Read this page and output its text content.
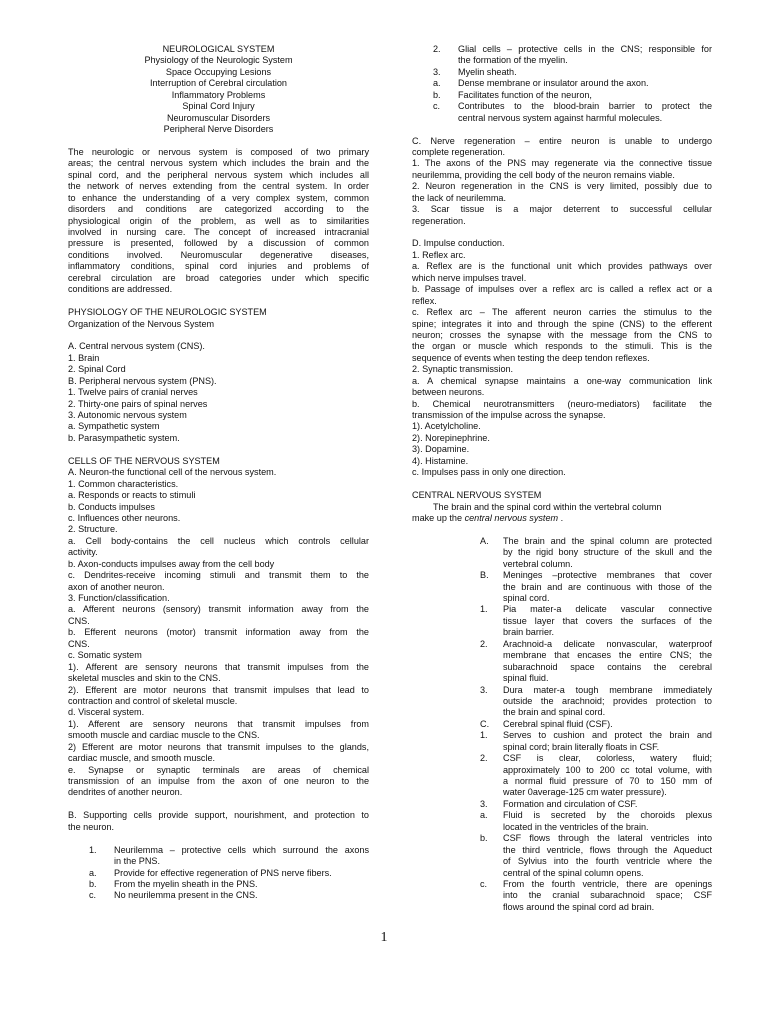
NEUROLOGICAL SYSTEM
Physiology of the Neurologic System
Space Occupying Lesions
Interruption of Cerebral circulation
Inflammatory Problems
Spinal Cord Injury
Neuromuscular Disorders
Peripheral Nerve Disorders
The neurologic or nervous system is composed of two primary
areas; the central nervous system which includes the brain and the
spinal cord, and the peripheral nervous system which includes all
the network of nerves extending from the central system. In order
to enhance the understanding of a very complex system, common
disorders and conditions are categorized according to the
physiological origin of the problem, as well as to similarities
involved in nursing care. The concept of increased intracranial
pressure is presented, followed by a discussion of common
conditions involved. Neuromuscular degenerative diseases,
inflammatory conditions, spinal cord injuries and problems of
cerebral circulation are broad categories under which specific
conditions are addressed.
PHYSIOLOGY OF THE NEUROLOGIC SYSTEM
Organization of the Nervous System
A. Central nervous system (CNS).
1. Brain
2. Spinal Cord
B. Peripheral nervous system (PNS).
1. Twelve pairs of cranial nerves
2. Thirty-one pairs of spinal nerves
3. Autonomic nervous system
a. Sympathetic system
b. Parasympathetic system.
CELLS OF THE NERVOUS SYSTEM
A. Neuron-the functional cell of the nervous system.
1. Common characteristics.
a. Responds or reacts to stimuli
b. Conducts impulses
c. Influences other neurons.
2. Structure.
a. Cell body-contains the cell nucleus which controls cellular
activity.
b. Axon-conducts impulses away from the cell body
c. Dendrites-receive incoming stimuli and transmit them to the
axon of another neuron.
3. Function/classification.
a. Afferent neurons (sensory) transmit information away from the
CNS.
b. Efferent neurons (motor) transmit information away from the
CNS.
c. Somatic system
1). Afferent are sensory neurons that transmit impulses from the
skeletal muscles and skin to the CNS.
2). Efferent are motor neurons that transmit impulses that lead to
contraction and control of skeletal muscle.
d. Visceral system.
1). Afferent are sensory neurons that transmit impulses from
smooth muscle and cardiac muscle to the CNS.
2) Efferent are motor neurons that transmit impulses to the glands,
cardiac muscle, and smooth muscle.
e. Synapse or synaptic terminals are areas of chemical
transmission of an impulse from the axon of one neuron to the
dendrites of another neuron.
B. Supporting cells provide support, nourishment, and protection to
the neuron.
1. Neurilemma – protective cells which surround the axons
in the PNS.
a. Provide for effective regeneration of PNS nerve fibers.
b. From the myelin sheath in the PNS.
c. No neurilemma present in the CNS.
2. Glial cells – protective cells in the CNS; responsible for
the formation of the myelin.
3. Myelin sheath.
a. Dense membrane or insulator around the axon.
b. Facilitates function of the neuron,
c. Contributes to the blood-brain barrier to protect the
central nervous system against harmful molecules.
C. Nerve regeneration – entire neuron is unable to undergo
complete regeneration.
1. The axons of the PNS may regenerate via the connective tissue
neurilemma, providing the cell body of the neuron remains viable.
2. Neuron regeneration in the CNS is very limited, possibly due to
the lack of neurilemma.
3. Scar tissue is a major deterrent to successful cellular
regeneration.
D. Impulse conduction.
1. Reflex arc.
a. Reflex are is the functional unit which provides pathways over
which nerve impulses travel.
b. Passage of impulses over a reflex arc is called a reflex act or a
reflex.
c. Reflex arc – The afferent neuron carries the stimulus to the
spine; integrates it into and through the spine (CNS) to the efferent
neuron; crosses the synapse with the message from the CNS to
the organ or muscle which responds to the stimuli. This is the
sequence of events when testing the deep tendon reflexes.
2. Synaptic transmission.
a. A chemical synapse maintains a one-way communication link
between neurons.
b. Chemical neurotransmitters (neuro-mediators) facilitate the
transmission of the impulse across the synapse.
1). Acetylcholine.
2). Norepinephrine.
3). Dopamine.
4). Histamine.
c. Impulses pass in only one direction.
CENTRAL NERVOUS SYSTEM
The brain and the spinal cord within the vertebral column
make up the central nervous system .
A. The brain and the spinal column are protected
by the rigid bony structure of the skull and the
vertebral column.
B. Meninges –protective membranes that cover
the brain and are continuous with those of the
spinal cord.
1. Pia mater-a delicate vascular connective
tissue layer that covers the surfaces of the
brain barrier.
2. Arachnoid-a delicate nonvascular, waterproof
membrane that encases the entire CNS; the
subarachnoid space contains the cerebral
spinal fluid.
3. Dura mater-a tough membrane immediately
outside the arachnoid; provides protection to
the brain and spinal cord.
C. Cerebral spinal fluid (CSF).
1. Serves to cushion and protect the brain and
spinal cord; brain literally floats in CSF.
2. CSF is clear, colorless, watery fluid;
approximately 100 to 200 cc total volume, with
a normal fluid pressure of 70 to 150 mm of
water 0average-125 cm water pressure).
3. Formation and circulation of CSF.
a. Fluid is secreted by the choroids plexus
located in the ventricles of the brain.
b. CSF flows through the lateral ventricles into
the third ventricle, flows through the Aqueduct
of Sylvius into the fourth ventricle where the
central of the spinal column opens.
c. From the fourth ventricle, there are openings
into the cranial subarachnoid space; CSF
flows around the spinal cord ad brain.
1
